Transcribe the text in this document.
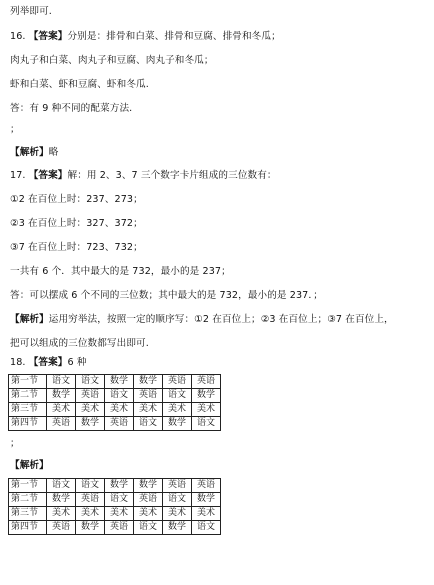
列举即可.
16. 【答案】分别是：排骨和白菜、排骨和豆腐、排骨和冬瓜；
肉丸子和白菜、肉丸子和豆腐、肉丸子和冬瓜；
虾和白菜、虾和豆腐、虾和冬瓜.
答：有 9 种不同的配菜方法.
；
【解析】略
17. 【答案】解：用 2、3、7 三个数字卡片组成的三位数有：
①2 在百位上时：237、273；
②3 在百位上时：327、372；
③7 在百位上时：723、732；
一共有 6 个．其中最大的是 732，最小的是 237；
答：可以摆成 6 个不同的三位数；其中最大的是 732，最小的是 237．；
【解析】运用穷举法，按照一定的顺序写：①2 在百位上；②3 在百位上；③7 在百位上，
把可以组成的三位数都写出即可.
18. 【答案】6 种
第一节	语文	语文	数学	数学	英语	英语
第二节	数学	英语	语文	英语	语文	数学
第三节	美术	美术	美术	美术	美术	美术
第四节	英语	数学	英语	语文	数学	语文
；
【解析】
第一节	语文	语文	数学	数学	英语	英语
第二节	数学	英语	语文	英语	语文	数学
第三节	美术	美术	美术	美术	美术	美术
第四节	英语	数学	英语	语文	数学	语文
